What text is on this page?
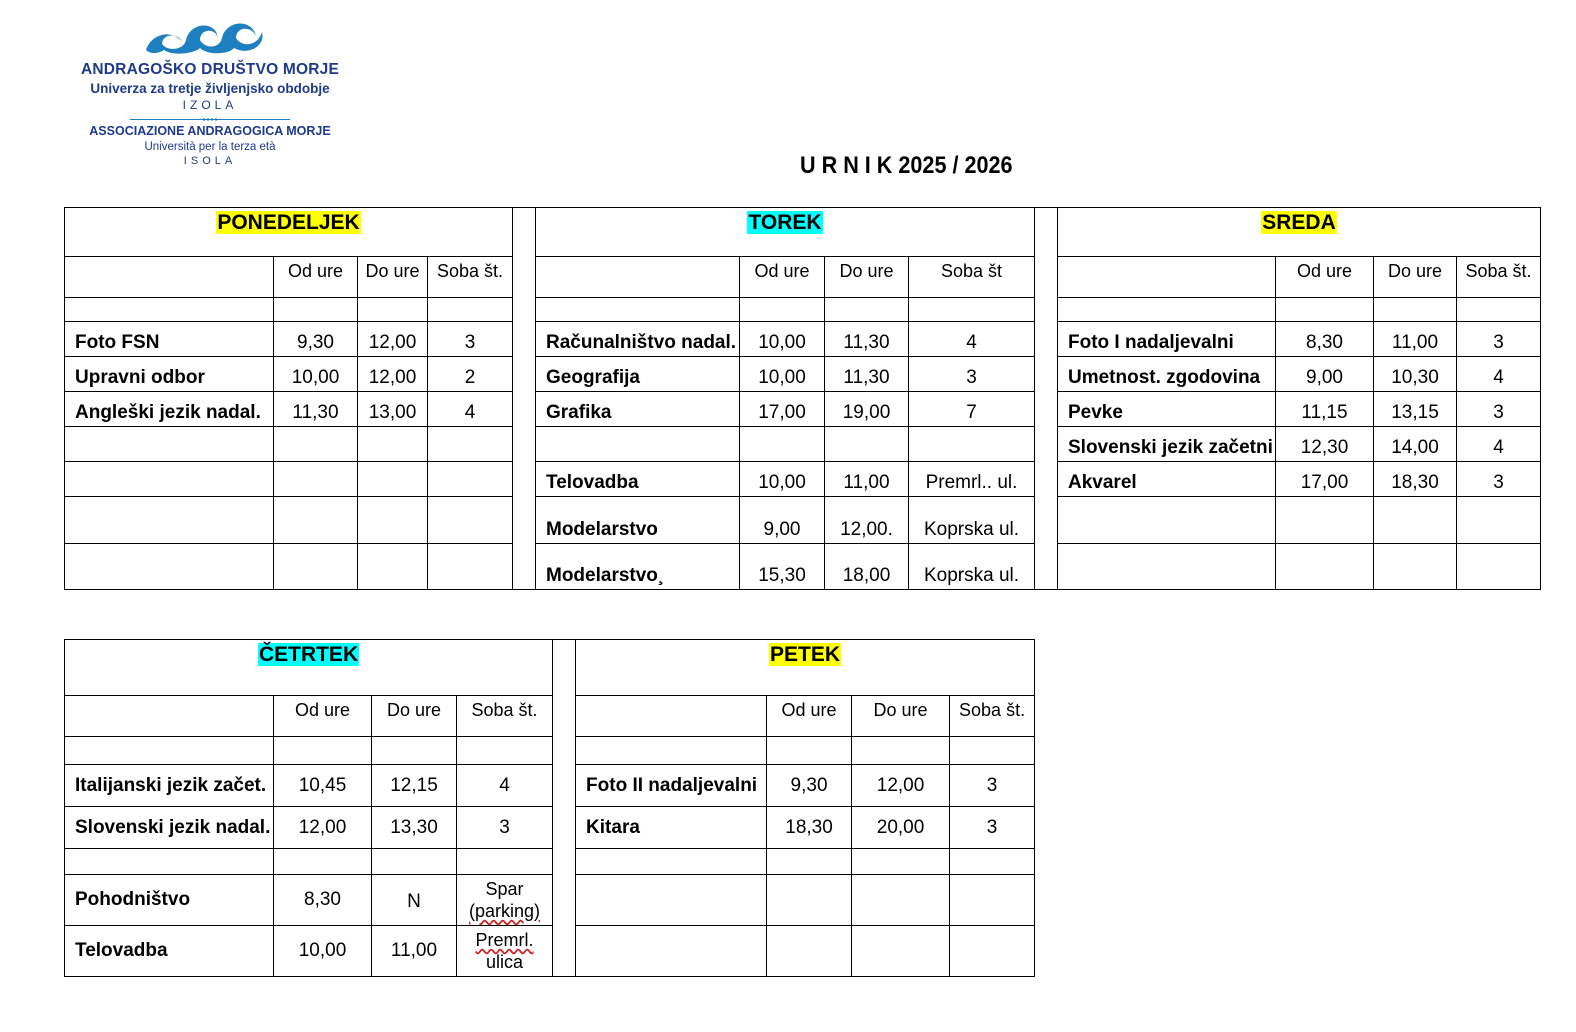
ANDRAGOŠKO DRUŠTVO MORJE
Univerza za tretje življenjsko obdobje
IZOLA
ASSOCIAZIONE ANDRAGOGICA MORJE
Università per la terza età
ISOLA	U R N I K 2025 / 2026
PONEDELJEK					TOREK					SREDA			
	Od ure	Do ure	Soba št.			Od ure	Do ure	Soba št			Od ure	Do ure	Soba št.

Foto FSN	9,30	12,00	3		Računalništvo nadal.	10,00	11,30	4		Foto I nadaljevalni	8,30	11,00	3
Upravni odbor	10,00	12,00	2		Geografija	10,00	11,30	3		Umetnost. zgodovina	9,00	10,30	4
Angleški jezik nadal.	11,30	13,00	4		Grafika	17,00	19,00	7		Pevke	11,15	13,15	3
										Slovenski jezik začetni	12,30	14,00	4
					Telovadba	10,00	11,00	Premrl.. ul.		Akvarel	17,00	18,30	3
					Modelarstvo	9,00	12,00.	Koprska ul.					
					Modelarstvo¸	15,30	18,00	Koprska ul.					
ČETRTEK					PETEK			
	Od ure	Do ure	Soba št.			Od ure	Do ure	Soba št.

Italijanski jezik začet.	10,45	12,15	4		Foto II nadaljevalni	9,30	12,00	3
Slovenski jezik nadal.	12,00	13,30	3		Kitara	18,30	20,00	3

Pohodništvo	8,30	N	Spar
(parking)					

Telovadba	10,00	11,00	Premrl.
ulica					
